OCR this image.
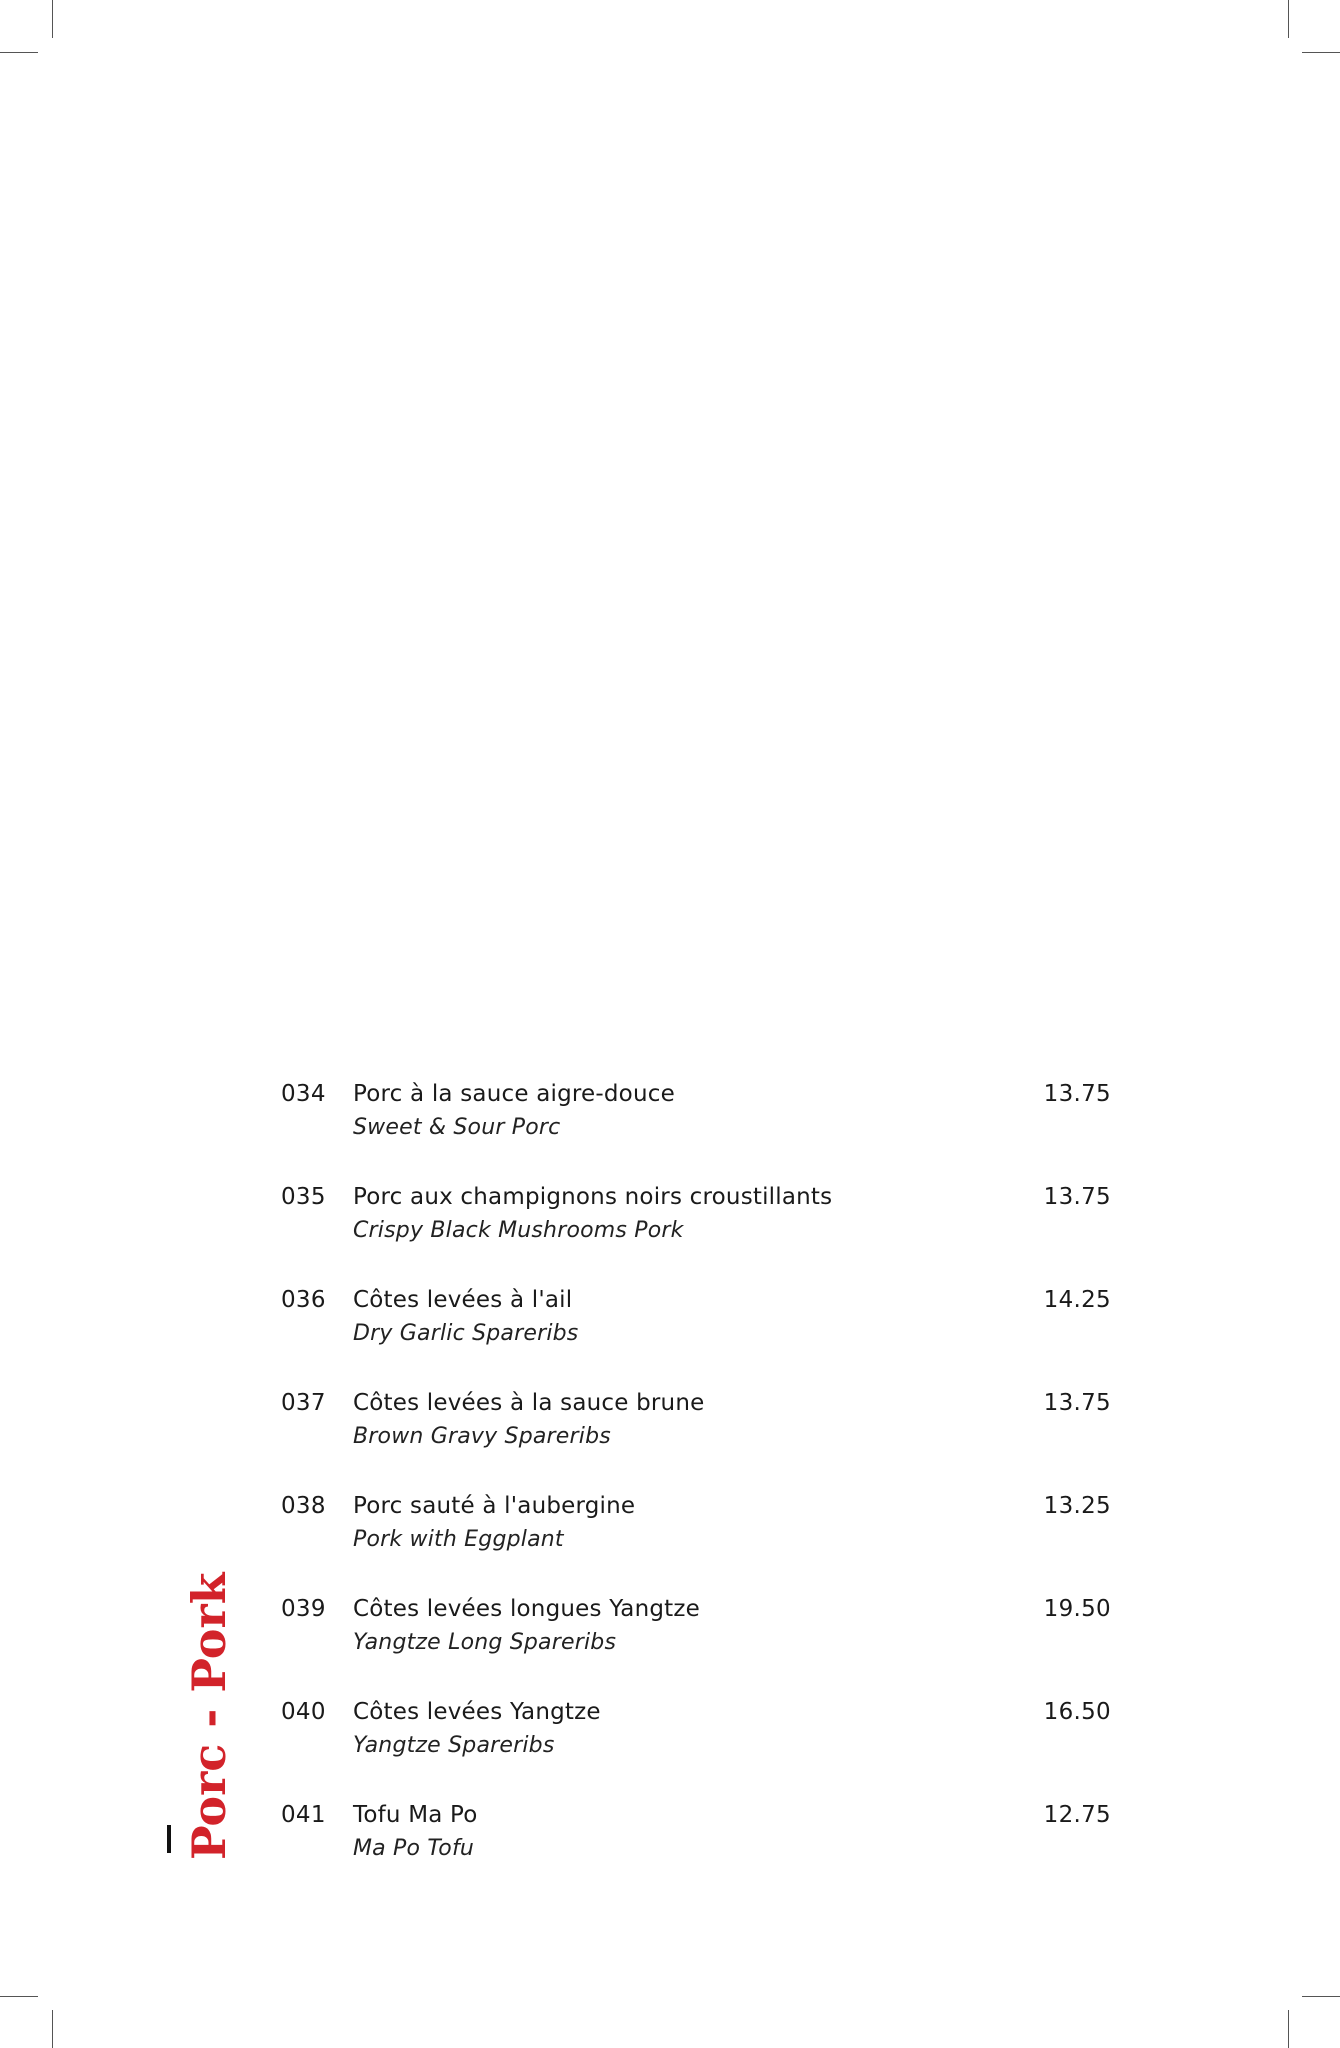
Porc - Pork
034 Porc à la sauce aigre-douce
Sweet & Sour Porc
13.75
035 Porc aux champignons noirs croustillants
Crispy Black Mushrooms Pork
13.75
036 Côtes levées à l'ail
Dry Garlic Spareribs
14.25
037 Côtes levées à la sauce brune
Brown Gravy Spareribs
13.75
038 Porc sauté à l'aubergine
Pork with Eggplant
13.25
039 Côtes levées longues Yangtze
Yangtze Long Spareribs
19.50
040 Côtes levées Yangtze
Yangtze Spareribs
16.50
041 Tofu Ma Po
Ma Po Tofu
12.75
